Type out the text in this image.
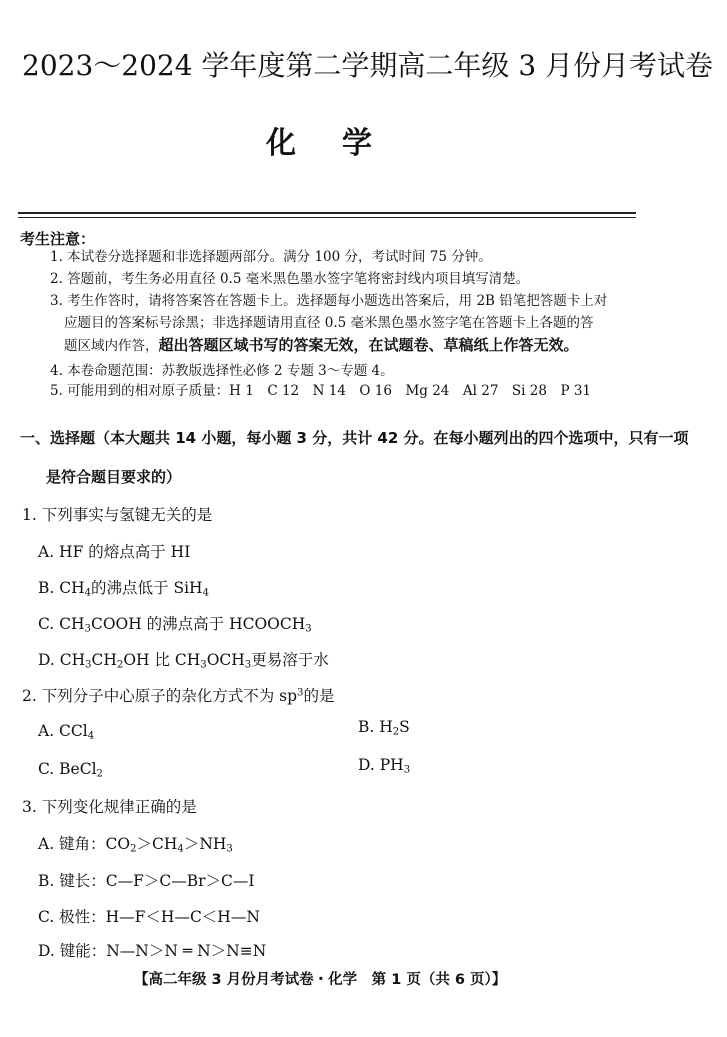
2023～2024 学年度第二学期高二年级 3 月份月考试卷
化学
考生注意：
1. 本试卷分选择题和非选择题两部分。满分 100 分，考试时间 75 分钟。
2. 答题前，考生务必用直径 0.5 毫米黑色墨水签字笔将密封线内项目填写清楚。
3. 考生作答时，请将答案答在答题卡上。选择题每小题选出答案后，用 2B 铅笔把答题卡上对
应题目的答案标号涂黑；非选择题请用直径 0.5 毫米黑色墨水签字笔在答题卡上各题的答
题区域内作答，超出答题区域书写的答案无效，在试题卷、草稿纸上作答无效。
4. 本卷命题范围：苏教版选择性必修 2 专题 3～专题 4。
5. 可能用到的相对原子质量：H 1　C 12　N 14　O 16　Mg 24　Al 27　Si 28　P 31
一、选择题（本大题共 14 小题，每小题 3 分，共计 42 分。在每小题列出的四个选项中，只有一项
是符合题目要求的）
1. 下列事实与氢键无关的是
A. HF 的熔点高于 HI
B. $CH_4$的沸点低于 SiH$_4$
C. $CH_3COOH$ 的沸点高于 $HCOOCH_3$
D. $CH_3CH_2OH$ 比 $CH_3OCH_3$更易溶于水
2. 下列分子中心原子的杂化方式不为 $sp^3$的是
A. CCl$_4$
B. $H_2S$
C. BeCl$_2$
D. $PH_3$
3. 下列变化规律正确的是
A. 键角：$CO_2>CH_4>NH_3$
B. 键长：C—F＞C—Br＞C—I
C. 极性：H—F＜H—C＜H—N
D. 键能：N—N＞N ═ N＞N≡N
【高二年级 3 月份月考试卷・化学　第 1 页（共 6 页）】
